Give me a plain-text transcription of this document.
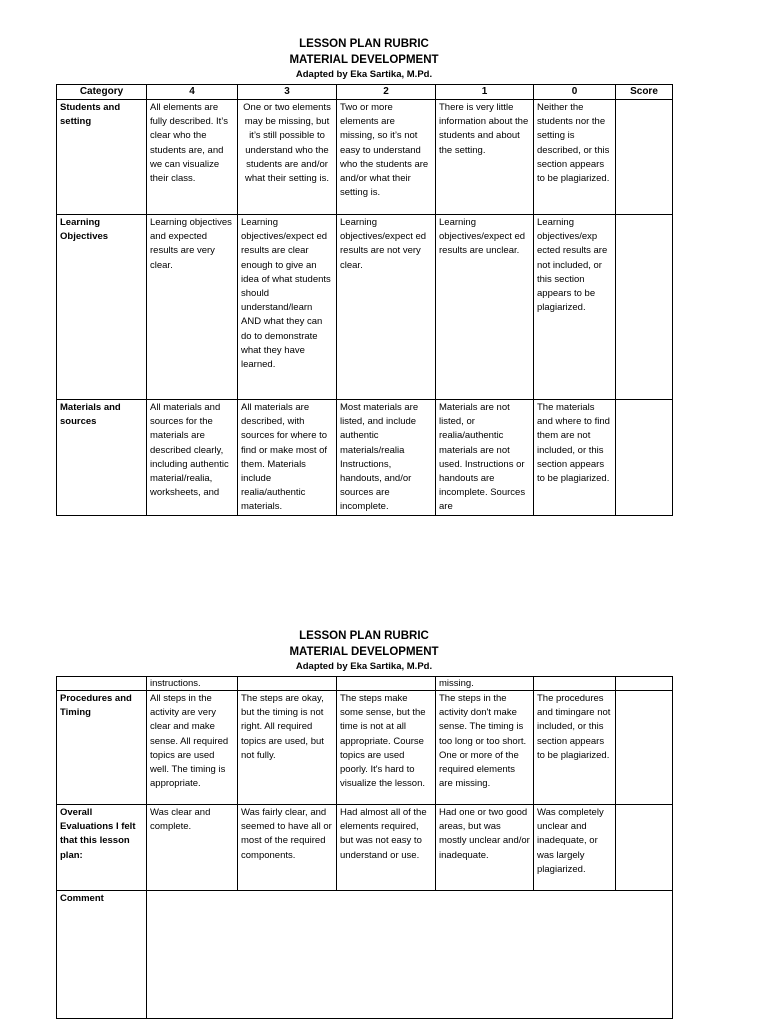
LESSON PLAN RUBRIC
MATERIAL DEVELOPMENT
Adapted by Eka Sartika, M.Pd.
Category	4	3	2	1	0	Score
Students and setting	All elements are fully described. It’s clear who the students are, and we can visualize their class.	One or two elements may be missing, but it’s still possible to understand who the students are and/or what their setting is.	Two or more elements are missing, so it’s not easy to understand who the students are and/or what their setting is.	There is very little information about the students and about the setting.	Neither the students nor the setting is described, or this section appears to be plagiarized.	
Learning Objectives	Learning objectives and expected results are very clear.	Learning objectives/expect ed results are clear enough to give an idea of what students should understand/learn AND what they can do to demonstrate what they have learned.	Learning objectives/expect ed results are not very clear.	Learning objectives/expect ed results are unclear.	Learning objectives/exp ected results are not included, or this section appears to be plagiarized.	
Materials and sources	All materials and sources for the materials are described clearly, including authentic material/realia, worksheets, and	All materials are described, with sources for where to find or make most of them. Materials include realia/authentic materials.	Most materials are listed, and include authentic materials/realia Instructions, handouts, and/or sources are incomplete.	Materials are not listed, or realia/authentic materials are not used. Instructions or handouts are incomplete. Sources are	The materials and where to find them are not included, or this section appears to be plagiarized.	
LESSON PLAN RUBRIC
MATERIAL DEVELOPMENT
Adapted by Eka Sartika, M.Pd.
	instructions.			missing.		
Procedures and Timing	All steps in the activity are very clear and make sense. All required topics are used well. The timing is appropriate.	The steps are okay, but the timing is not right. All required topics are used, but not fully.	The steps make some sense, but the time is not at all appropriate. Course topics are used poorly. It's hard to visualize the lesson.	The steps in the activity don't make sense. The timing is too long or too short. One or more of the required elements are missing.	The procedures and timingare not included, or this section appears to be plagiarized.	
Overall Evaluations I felt that this lesson plan:	Was clear and complete.	Was fairly clear, and seemed to have all or most of the required components.	Had almost all of the elements required, but was not easy to understand or use.	Had one or two good areas, but was mostly unclear and/or inadequate.	Was completely unclear and inadequate, or was largely plagiarized.	
Comment						
